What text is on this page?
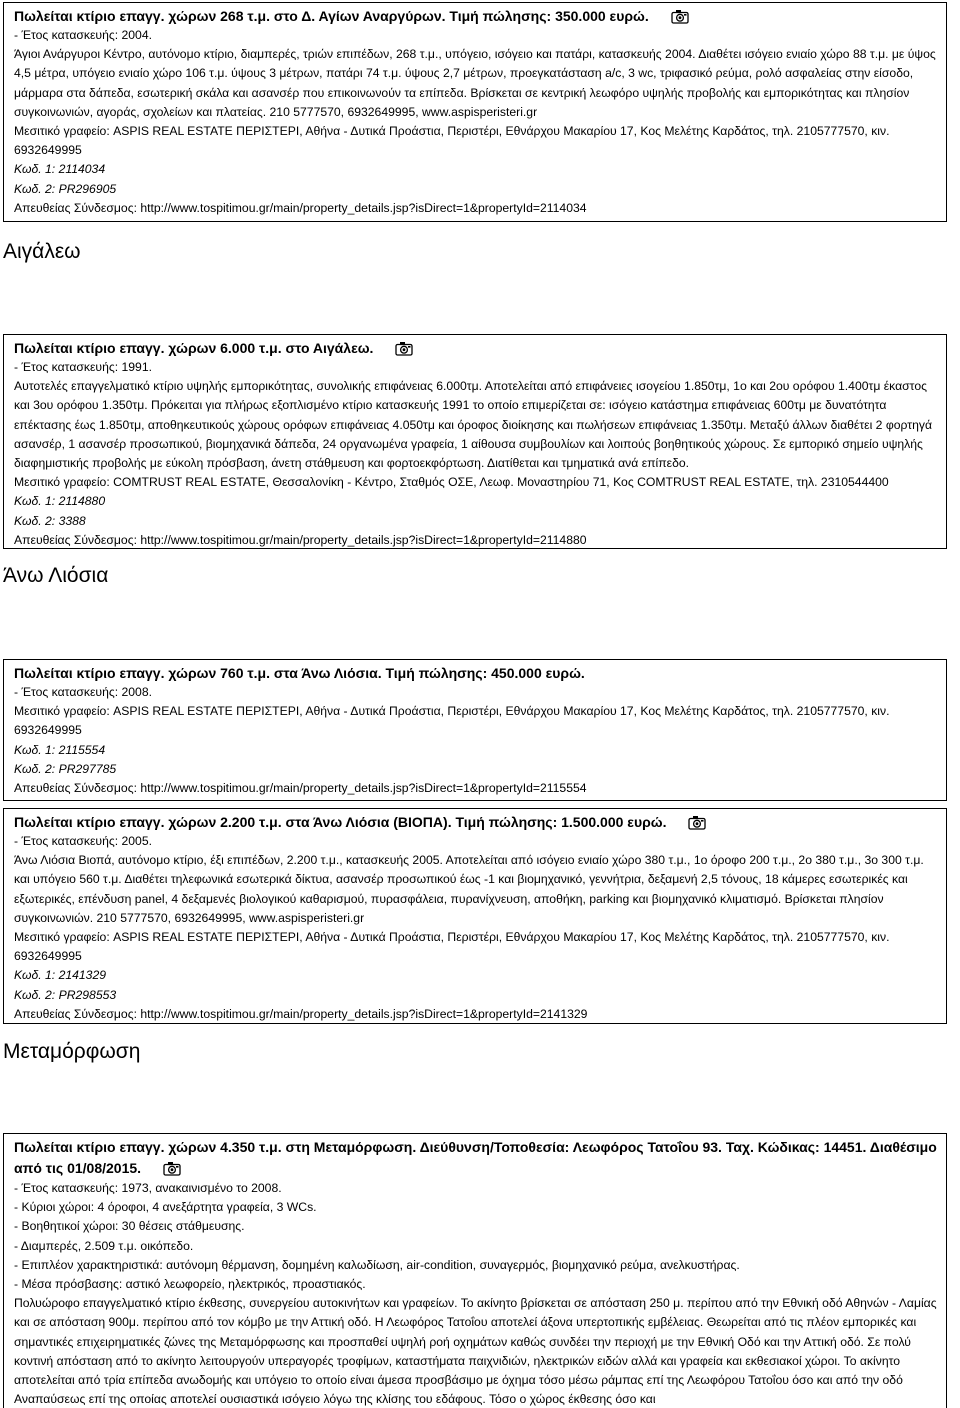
Πωλείται κτίριο επαγγ. χώρων 268 τ.μ. στο Δ. Αγίων Αναργύρων. Τιμή πώλησης: 350.000 ευρώ.
- Έτος κατασκευής: 2004.
Άγιοι Ανάργυροι Κέντρο, αυτόνομο κτίριο, διαμπερές, τριών επιπέδων, 268 τ.μ., υπόγειο, ισόγειο και πατάρι, κατασκευής 2004. Διαθέτει ισόγειο ενιαίο χώρο 88 τ.μ. με ύψος 4,5 μέτρα, υπόγειο ενιαίο χώρο 106 τ.μ. ύψους 3 μέτρων, πατάρι 74 τ.μ. ύψους 2,7 μέτρων, προεγκατάσταση a/c, 3 wc, τριφασικό ρεύμα, ρολό ασφαλείας στην είσοδο, μάρμαρα στα δάπεδα, εσωτερική σκάλα και ασανσέρ που επικοινωνούν τα επίπεδα. Βρίσκεται σε κεντρική λεωφόρο υψηλής προβολής και εμπορικότητας και πλησίον συγκοινωνιών, αγοράς, σχολείων και πλατείας. 210 5777570, 6932649995, www.aspisperisteri.gr
Μεσιτικό γραφείο: ASPIS REAL ESTATE ΠΕΡΙΣΤΕΡΙ, Αθήνα - Δυτικά Προάστια, Περιστέρι, Εθνάρχου Μακαρίου 17, Κος Μελέτης Καρδάτος, τηλ. 2105777570, κιν. 6932649995
Κωδ. 1: 2114034
Κωδ. 2: PR296905
Απευθείας Σύνδεσμος: http://www.tospitimou.gr/main/property_details.jsp?isDirect=1&propertyId=2114034
Αιγάλεω
Πωλείται κτίριο επαγγ. χώρων 6.000 τ.μ. στο Αιγάλεω.
- Έτος κατασκευής: 1991.
Αυτοτελές επαγγελματικό κτίριο υψηλής εμπορικότητας, συνολικής επιφάνειας 6.000τμ. Αποτελείται από επιφάνειες ισογείου 1.850τμ, 1ο και 2ου ορόφου 1.400τμ έκαστος και 3ου ορόφου 1.350τμ. Πρόκειται για πλήρως εξοπλισμένο κτίριο κατασκευής 1991 το οποίο επιμερίζεται σε: ισόγειο κατάστημα επιφάνειας 600τμ με δυνατότητα επέκτασης έως 1.850τμ, αποθηκευτικούς χώρους ορόφων επιφάνειας 4.050τμ και όροφος διοίκησης και πωλήσεων επιφάνειας 1.350τμ. Μεταξύ άλλων διαθέτει 2 φορτηγά ασανσέρ, 1 ασανσέρ προσωπικού, βιομηχανικά δάπεδα, 24 οργανωμένα γραφεία, 1 αίθουσα συμβουλίων και λοιπούς βοηθητικούς χώρους. Σε εμπορικό σημείο υψηλής διαφημιστικής προβολής με εύκολη πρόσβαση, άνετη στάθμευση και φορτοεκφόρτωση. Διατίθεται και τμηματικά ανά επίπεδο.
Μεσιτικό γραφείο: COMTRUST REAL ESTATE, Θεσσαλονίκη - Κέντρο, Σταθμός ΟΣΕ, Λεωφ. Μοναστηρίου 71, Κος COMTRUST REAL ESTATE, τηλ. 2310544400
Κωδ. 1: 2114880
Κωδ. 2: 3388
Απευθείας Σύνδεσμος: http://www.tospitimou.gr/main/property_details.jsp?isDirect=1&propertyId=2114880
Άνω Λιόσια
Πωλείται κτίριο επαγγ. χώρων 760 τ.μ. στα Άνω Λιόσια. Τιμή πώλησης: 450.000 ευρώ.
- Έτος κατασκευής: 2008.
Μεσιτικό γραφείο: ASPIS REAL ESTATE ΠΕΡΙΣΤΕΡΙ, Αθήνα - Δυτικά Προάστια, Περιστέρι, Εθνάρχου Μακαρίου 17, Κος Μελέτης Καρδάτος, τηλ. 2105777570, κιν. 6932649995
Κωδ. 1: 2115554
Κωδ. 2: PR297785
Απευθείας Σύνδεσμος: http://www.tospitimou.gr/main/property_details.jsp?isDirect=1&propertyId=2115554
Πωλείται κτίριο επαγγ. χώρων 2.200 τ.μ. στα Άνω Λιόσια (ΒΙΟΠΑ). Τιμή πώλησης: 1.500.000 ευρώ.
- Έτος κατασκευής: 2005.
Άνω Λιόσια Βιοπά, αυτόνομο κτίριο, έξι επιπέδων, 2.200 τ.μ., κατασκευής 2005. Αποτελείται από ισόγειο ενιαίο χώρο 380 τ.μ., 1ο όροφο 200 τ.μ., 2ο 380 τ.μ., 3ο 300 τ.μ. και υπόγειο 560 τ.μ. Διαθέτει τηλεφωνικά εσωτερικά δίκτυα, ασανσέρ προσωπικού έως -1 και βιομηχανικό, γεννήτρια, δεξαμενή 2,5 τόνους, 18 κάμερες εσωτερικές και εξωτερικές, επένδυση panel, 4 δεξαμενές βιολογικού καθαρισμού, πυρασφάλεια, πυρανίχνευση, αποθήκη, parking και βιομηχανικό κλιματισμό. Βρίσκεται πλησίον συγκοινωνιών. 210 5777570, 6932649995, www.aspisperisteri.gr
Μεσιτικό γραφείο: ASPIS REAL ESTATE ΠΕΡΙΣΤΕΡΙ, Αθήνα - Δυτικά Προάστια, Περιστέρι, Εθνάρχου Μακαρίου 17, Κος Μελέτης Καρδάτος, τηλ. 2105777570, κιν. 6932649995
Κωδ. 1: 2141329
Κωδ. 2: PR298553
Απευθείας Σύνδεσμος: http://www.tospitimou.gr/main/property_details.jsp?isDirect=1&propertyId=2141329
Μεταμόρφωση
Πωλείται κτίριο επαγγ. χώρων 4.350 τ.μ. στη Μεταμόρφωση. Διεύθυνση/Τοποθεσία: Λεωφόρος Τατοΐου 93. Ταχ. Κώδικας: 14451. Διαθέσιμο από τις 01/08/2015.
- Έτος κατασκευής: 1973, ανακαινισμένο το 2008.
- Κύριοι χώροι: 4 όροφοι, 4 ανεξάρτητα γραφεία, 3 WCs.
- Βοηθητικοί χώροι: 30 θέσεις στάθμευσης.
- Διαμπερές, 2.509 τ.μ. οικόπεδο.
- Επιπλέον χαρακτηριστικά: αυτόνομη θέρμανση, δομημένη καλωδίωση, air-condition, συναγερμός, βιομηχανικό ρεύμα, ανελκυστήρας.
- Μέσα πρόσβασης: αστικό λεωφορείο, ηλεκτρικός, προαστιακός.
Πολυώροφο επαγγελματικό κτίριο έκθεσης, συνεργείου αυτοκινήτων και γραφείων. Το ακίνητο βρίσκεται σε απόσταση 250 μ. περίπου από την Εθνική οδό Αθηνών - Λαμίας και σε απόσταση 900μ. περίπου από τον κόμβο με την Αττική οδό. Η Λεωφόρος Τατοΐου αποτελεί άξονα υπερτοπικής εμβέλειας. Θεωρείται από τις πλέον εμπορικές και σημαντικές επιχειρηματικές ζώνες της Μεταμόρφωσης και προσπαθεί υψηλή ροή οχημάτων καθώς συνδέει την περιοχή με την Εθνική Οδό και την Αττική οδό. Σε πολύ κοντινή απόσταση από το ακίνητο λειτουργούν υπεραγορές τροφίμων, καταστήματα παιχνιδιών, ηλεκτρικών ειδών αλλά και γραφεία και εκθεσιακοί χώροι. Το ακίνητο αποτελείται από τρία επίπεδα ανωδομής και υπόγειο το οποίο είναι άμεσα προσβάσιμο με όχημα τόσο μέσω ράμπας επί της Λεωφόρου Τατοΐου όσο και από την οδό Αναπαύσεως επί της οποίας αποτελεί ουσιαστικά ισόγειο λόγω της κλίσης του εδάφους. Τόσο ο χώρος έκθεσης όσο και
